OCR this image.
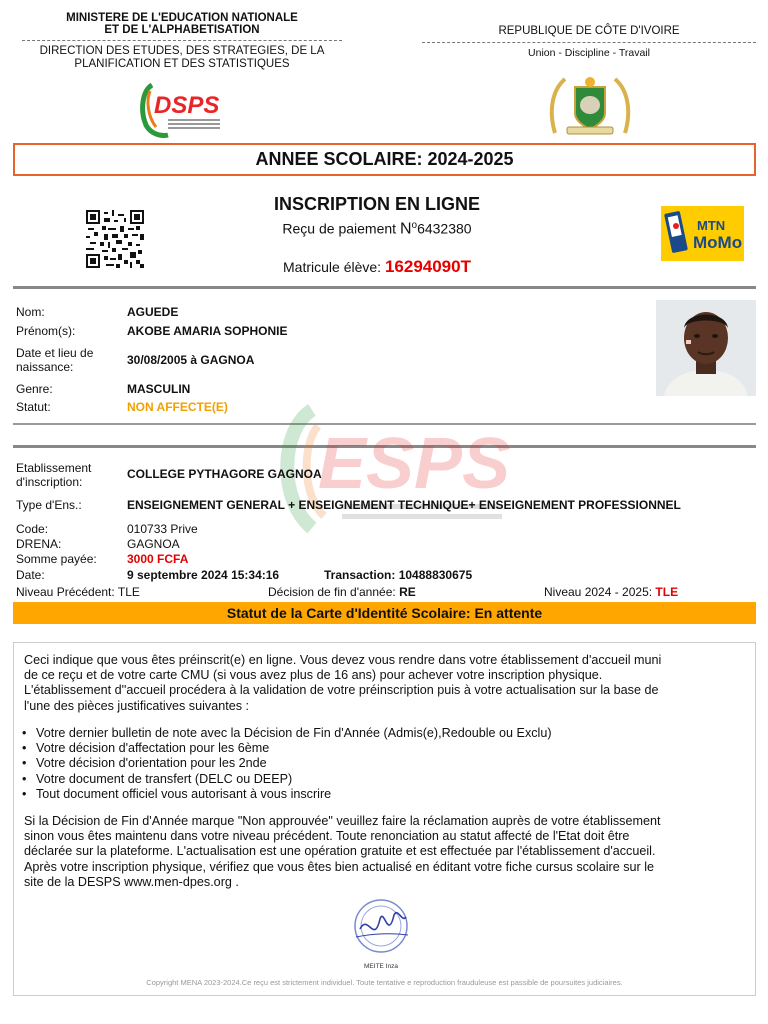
MINISTERE DE L'EDUCATION NATIONALE
ET DE L'ALPHABETISATION
DIRECTION DES ETUDES, DES STRATEGIES, DE LA
PLANIFICATION ET DES STATISTIQUES
REPUBLIQUE DE CÔTE D'IVOIRE
Union - Discipline - Travail
DSPS
ANNEE SCOLAIRE: 2024-2025
INSCRIPTION EN LIGNE
Reçu de paiement $N^o6432380$
Matricule élève: 16294090T
MTN
MoMo
ESPS
Nom:	AGUEDE
Prénom(s):	AKOBE AMARIA SOPHONIE
Date et lieu de
naissance:	30/08/2005 à GAGNOA
Genre:	MASCULIN
Statut:	NON AFFECTE(E)
Etablissement
d'inscription:
COLLEGE PYTHAGORE GAGNOA
Type d'Ens.:	ENSEIGNEMENT GENERAL + ENSEIGNEMENT TECHNIQUE+ ENSEIGNEMENT PROFESSIONNEL
Code:	010733 Prive
DRENA:	GAGNOA
Somme payée:	3000 FCFA
Date:	9 septembre 2024 15:34:16	Transaction: 10488830675
Niveau Précédent: TLE	Décision de fin d'année: RE	Niveau 2024 - 2025: TLE
Statut de la Carte d'Identité Scolaire: En attente
Ceci indique que vous êtes préinscrit(e) en ligne. Vous devez vous rendre dans votre établissement d'accueil muni
de ce reçu et de votre carte CMU (si vous avez plus de 16 ans) pour achever votre inscription physique.
L'établissement d''accueil procédera à la validation de votre préinscription puis à votre actualisation sur la base de
l'une des pièces justificatives suivantes :
• Votre dernier bulletin de note avec la Décision de Fin d'Année (Admis(e),Redouble ou Exclu)
• Votre décision d'affectation pour les 6ème
• Votre décision d'orientation pour les 2nde
• Votre document de transfert (DELC ou DEEP)
• Tout document officiel vous autorisant à vous inscrire
Si la Décision de Fin d'Année marque "Non approuvée" veuillez faire la réclamation auprès de votre établissement
sinon vous êtes maintenu dans votre niveau précédent. Toute renonciation au statut affecté de l'Etat doit être
déclarée sur la plateforme. L'actualisation est une opération gratuite et est effectuée par l'établissement d'accueil.
Après votre inscription physique, vérifiez que vous êtes bien actualisé en éditant votre fiche cursus scolaire sur le
site de la DESPS www.men-dpes.org .
MEITE Inza
Copyright MENA 2023-2024.Ce reçu est strictement individuel. Toute tentative e reproduction frauduleuse est passible de poursuites judiciaires.
